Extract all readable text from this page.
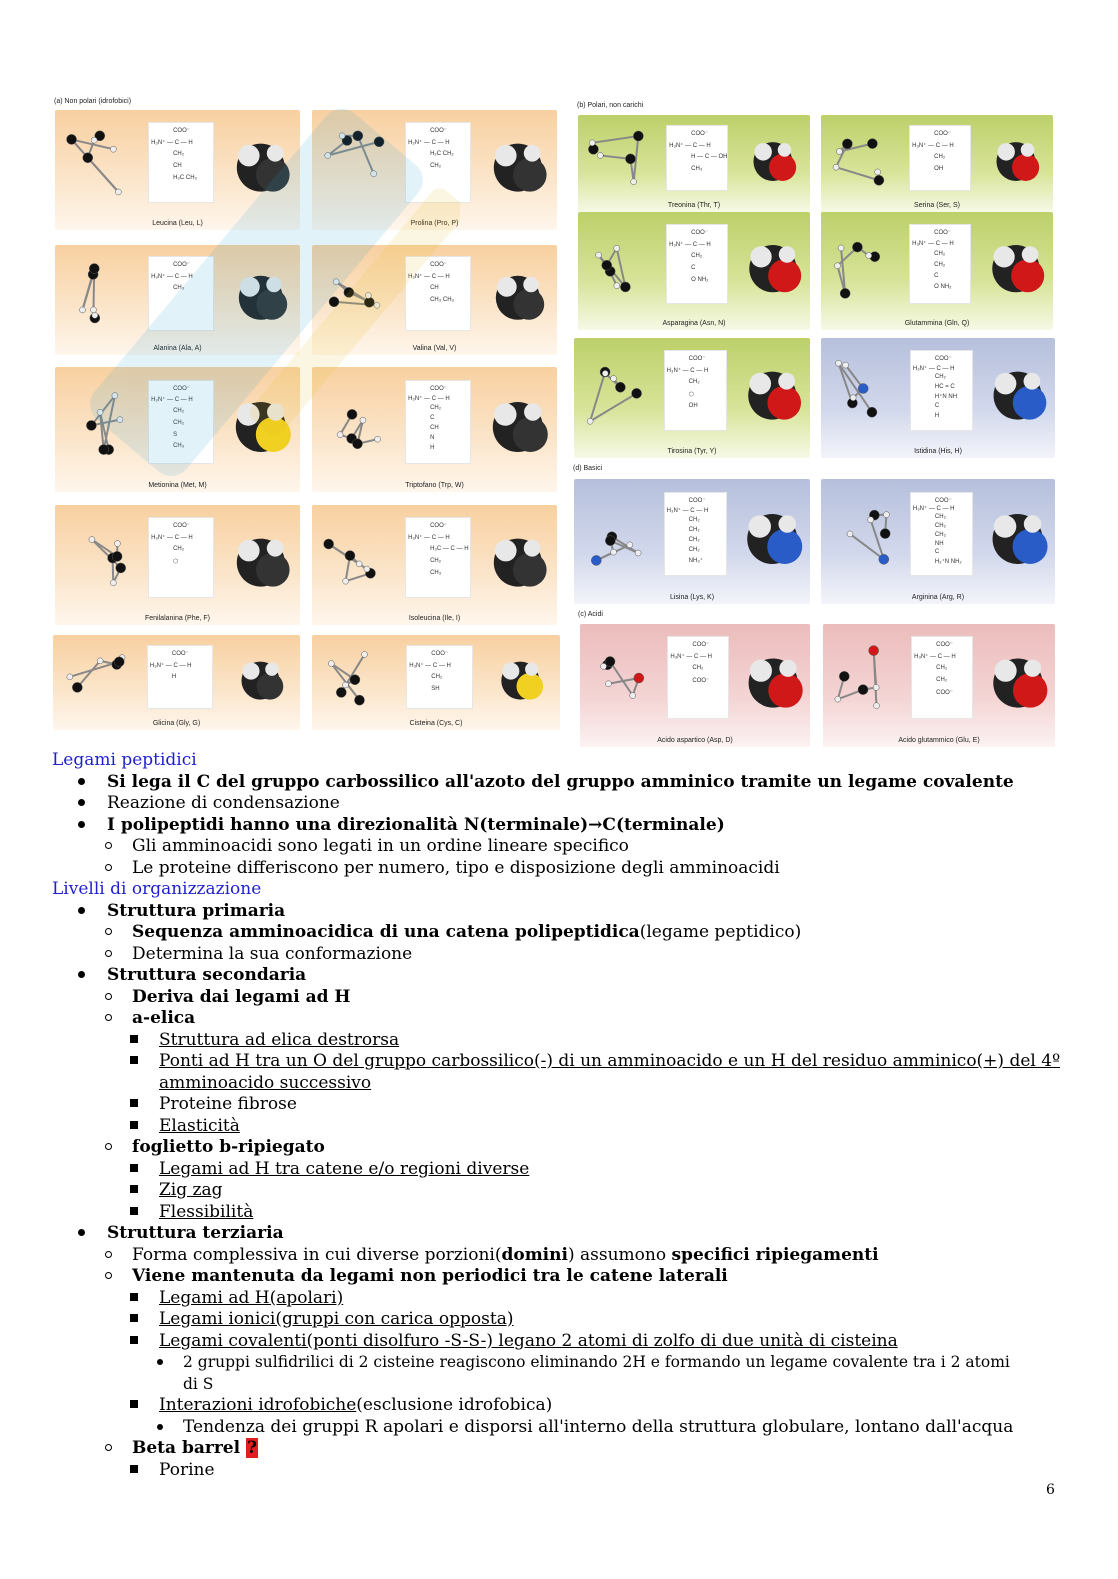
(a) Non polari (idrofobici)
(b) Polari, non carichi
(d) Basici
(c) Acidi
COO⁻
H₃N⁺ — C — H
CH₂
CH
H₃C CH₃
Leucina (Leu, L)
COO⁻
H₂N⁺ — C — H
H₂C CH₂
CH₂
Prolina (Pro, P)
COO⁻
H₃N⁺ — C — H
CH₃
Alanina (Ala, A)
COO⁻
H₃N⁺ — C — H
CH
CH₃ CH₃
Valina (Val, V)
COO⁻
H₃N⁺ — C — H
CH₂
CH₂
S
CH₃
Metionina (Met, M)
COO⁻
H₃N⁺ — C — H
CH₂
C
CH
N
H
Triptofano (Trp, W)
COO⁻
H₃N⁺ — C — H
CH₂
⬡
Fenilalanina (Phe, F)
COO⁻
H₃N⁺ — C — H
H₃C — C — H
CH₂
CH₃
Isoleucina (Ile, I)
COO⁻
H₃N⁺ — C — H
H
Glicina (Gly, G)
COO⁻
H₃N⁺ — C — H
CH₂
SH
Cisteina (Cys, C)
COO⁻
H₃N⁺ — C — H
H — C — OH
CH₃
Treonina (Thr, T)
COO⁻
H₃N⁺ — C — H
CH₂
OH
Serina (Ser, S)
COO⁻
H₃N⁺ — C — H
CH₂
C
O NH₂
Asparagina (Asn, N)
COO⁻
H₃N⁺ — C — H
CH₂
CH₂
C
O NH₂
Glutammina (Gln, Q)
COO⁻
H₃N⁺ — C — H
CH₂
⬡
OH
Tirosina (Tyr, Y)
COO⁻
H₃N⁺ — C — H
CH₂
HC = C
H⁺N NH
C
H
Istidina (His, H)
COO⁻
H₃N⁺ — C — H
CH₂
CH₂
CH₂
CH₂
NH₃⁺
Lisina (Lys, K)
COO⁻
H₃N⁺ — C — H
CH₂
CH₂
CH₂
NH
C
H₂⁺N NH₂
Arginina (Arg, R)
COO⁻
H₃N⁺ — C — H
CH₂
COO⁻
Acido aspartico (Asp, D)
COO⁻
H₃N⁺ — C — H
CH₂
CH₂
COO⁻
Acido glutammico (Glu, E)
Legami peptidici
Si lega il C del gruppo carbossilico all'azoto del gruppo amminico tramite un legame covalente
Reazione di condensazione
I polipeptidi hanno una direzionalità N(terminale)→C(terminale)
Gli amminoacidi sono legati in un ordine lineare specifico
Le proteine differiscono per numero, tipo e disposizione degli amminoacidi
Livelli di organizzazione
Struttura primaria
Sequenza amminoacidica di una catena polipeptidica(legame peptidico)
Determina la sua conformazione
Struttura secondaria
Deriva dai legami ad H
a-elica
Struttura ad elica destrorsa
Ponti ad H tra un O del gruppo carbossilico(-) di un amminoacido e un H del residuo amminico(+) del 4º
amminoacido successivo
Proteine fibrose
Elasticità
foglietto b-ripiegato
Legami ad H tra catene e/o regioni diverse
Zig zag
Flessibilità
Struttura terziaria
Forma complessiva in cui diverse porzioni(domini) assumono specifici ripiegamenti
Viene mantenuta da legami non periodici tra le catene laterali
Legami ad H(apolari)
Legami ionici(gruppi con carica opposta)
Legami covalenti(ponti disolfuro -S-S-) legano 2 atomi di zolfo di due unità di cisteina
2 gruppi sulfidrilici di 2 cisteine reagiscono eliminando 2H e formando un legame covalente tra i 2 atomi
di S
Interazioni idrofobiche(esclusione idrofobica)
Tendenza dei gruppi R apolari e disporsi all'interno della struttura globulare, lontano dall'acqua
Beta barrel ?
Porine
6
